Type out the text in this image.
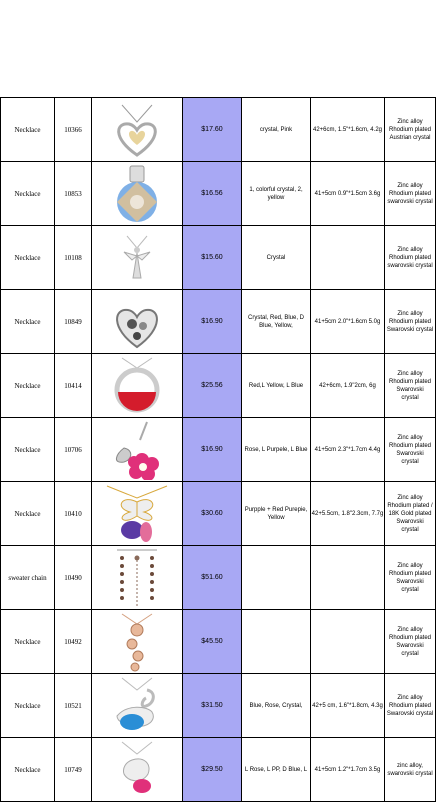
Necklace	10366		$17.60	crystal, Pink	42+6cm, 1.5"*1.6cm, 4.2g	Zinc alloy
Rhodium plated
Austrian crystal
Necklace	10853		$16.56	1, colorful crystal, 2, yellow	41+5cm 0.9"*1.5cm 3.6g	Zinc alloy
Rhodium plated
swarovski crystal
Necklace	10108		$15.60	Crystal		Zinc alloy
Rhodium plated
swarovski crystal
Necklace	10849		$16.90	Crystal, Red, Blue, D Blue, Yellow,	41+5cm 2.0"*1.6cm 5.0g	Zinc alloy
Rhodium plated
Swarovski crystal
Necklace	10414		$25.56	Red,L Yellow, L Blue	42+6cm, 1.9"2cm, 6g	Zinc alloy
Rhodium plated
Swarovski
crystal
Necklace	10706		$16.90	Rose, L Purpele, L Blue	41+5cm 2.3"*1.7cm 4.4g	Zinc alloy
Rhodium plated
Swarovski
crystal
Necklace	10410		$30.60	Purpple + Red Purepie, Yellow	42+5.5cm, 1.8"2.3cm, 7.7g	Zinc alloy
Rhodium plated /
18K Gold plated
Swarovski
crystal
sweater chain	10490		$51.60			Zinc alloy
Rhodium plated
Swarovski
crystal
Necklace	10492		$45.50			Zinc alloy
Rhodium plated
Swarovski
crystal
Necklace	10521		$31.50	Blue, Rose, Crystal,	42+5 cm, 1.6"*1.8cm, 4.3g	Zinc alloy
Rhodium plated
Swarovski crystal
Necklace	10749		$29.50	L Rose, L PP, D Blue, L	41+5cm 1.2"*1.7cm 3.5g	zinc alloy,
swarovski crystal
